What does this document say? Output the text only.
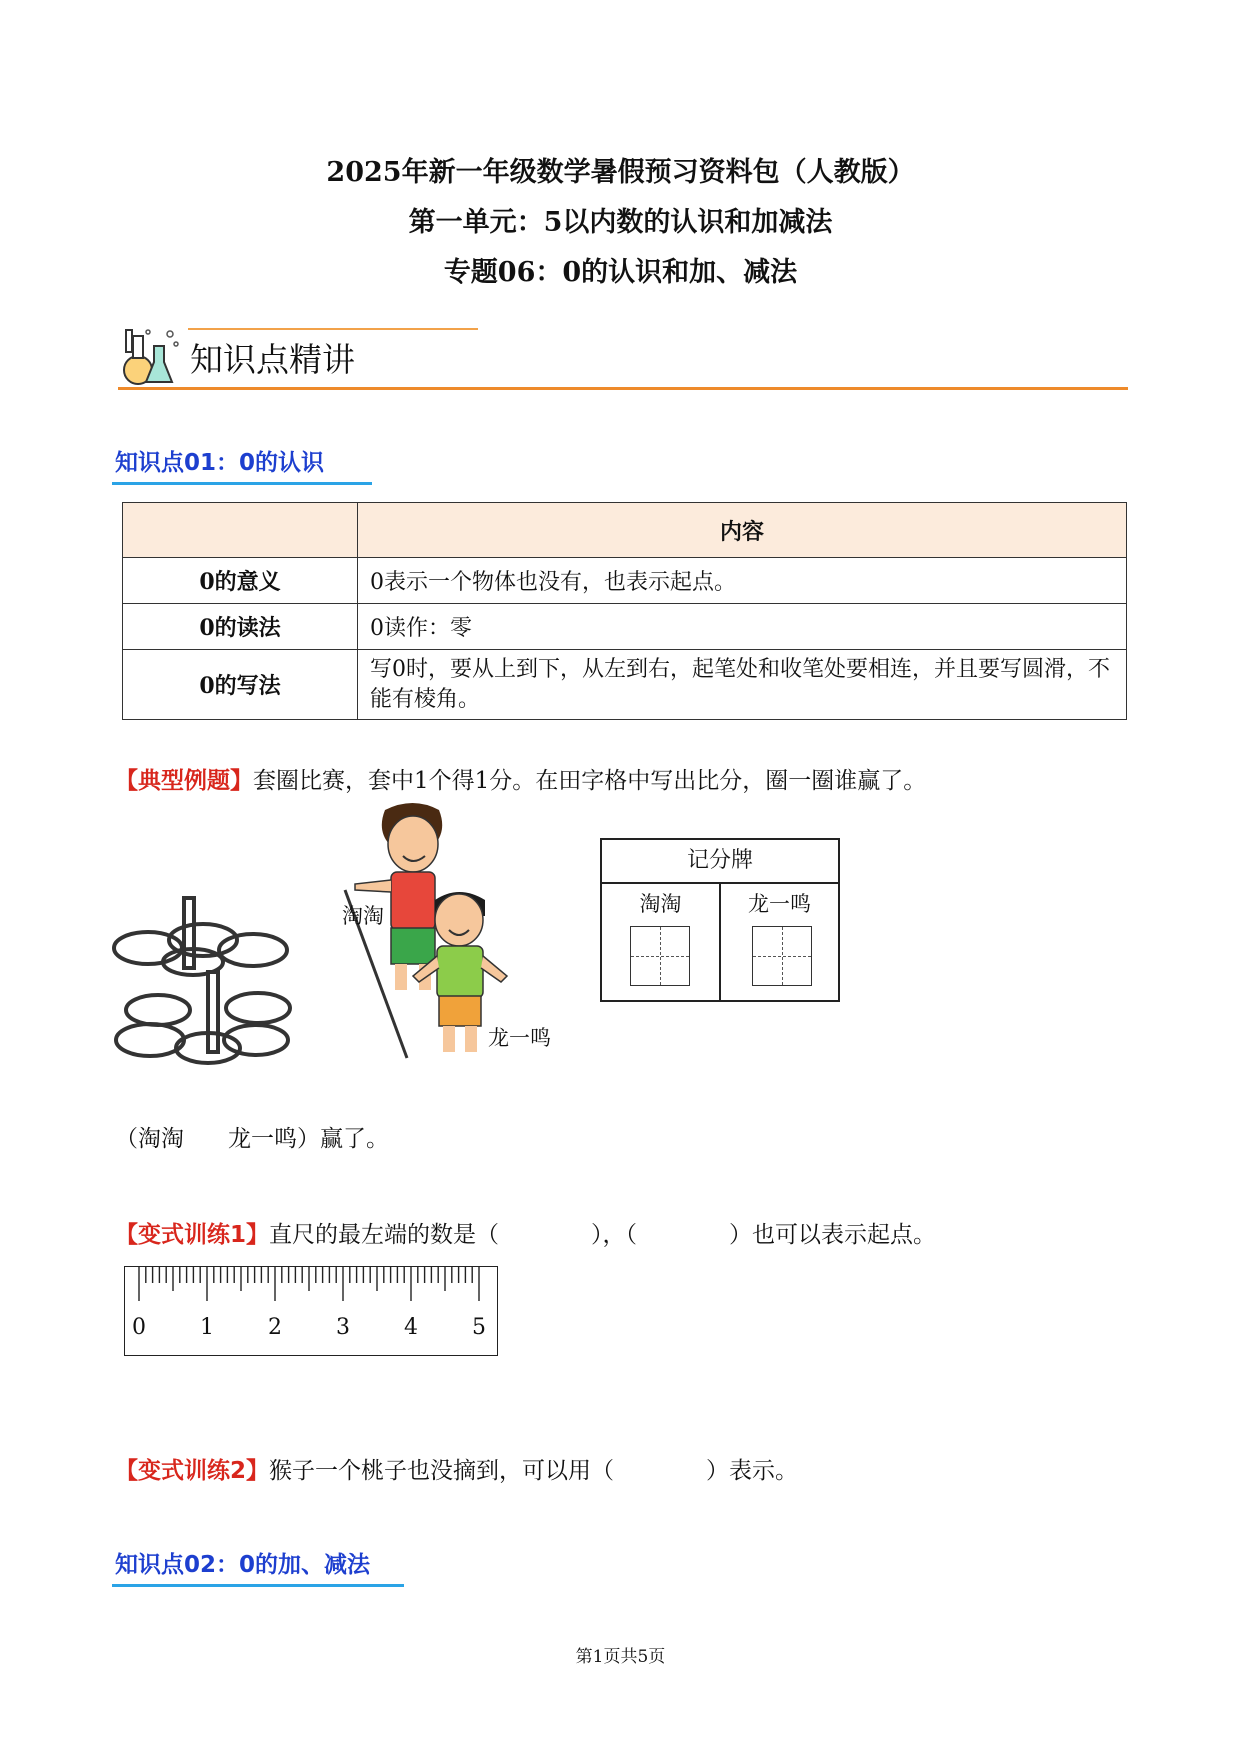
2025年新一年级数学暑假预习资料包（人教版）
第一单元：5以内数的认识和加减法
专题06：0的认识和加、减法
知识点精讲
知识点01：0的认识
	内容
0的意义	0表示一个物体也没有，也表示起点。
0的读法	0读作：零
0的写法	写0时，要从上到下，从左到右，起笔处和收笔处要相连，并且要写圆滑，不能有棱角。
【典型例题】套圈比赛，套中1个得1分。在田字格中写出比分，圈一圈谁赢了。
淘淘
龙一鸣
记分牌
淘淘	龙一鸣
（淘淘 龙一鸣）赢了。
【变式训练1】直尺的最左端的数是（　　　　），（　　　　）也可以表示起点。
0 1 2 3 4 5
【变式训练2】猴子一个桃子也没摘到，可以用（　　　　）表示。
知识点02：0的加、减法
第1页共5页
